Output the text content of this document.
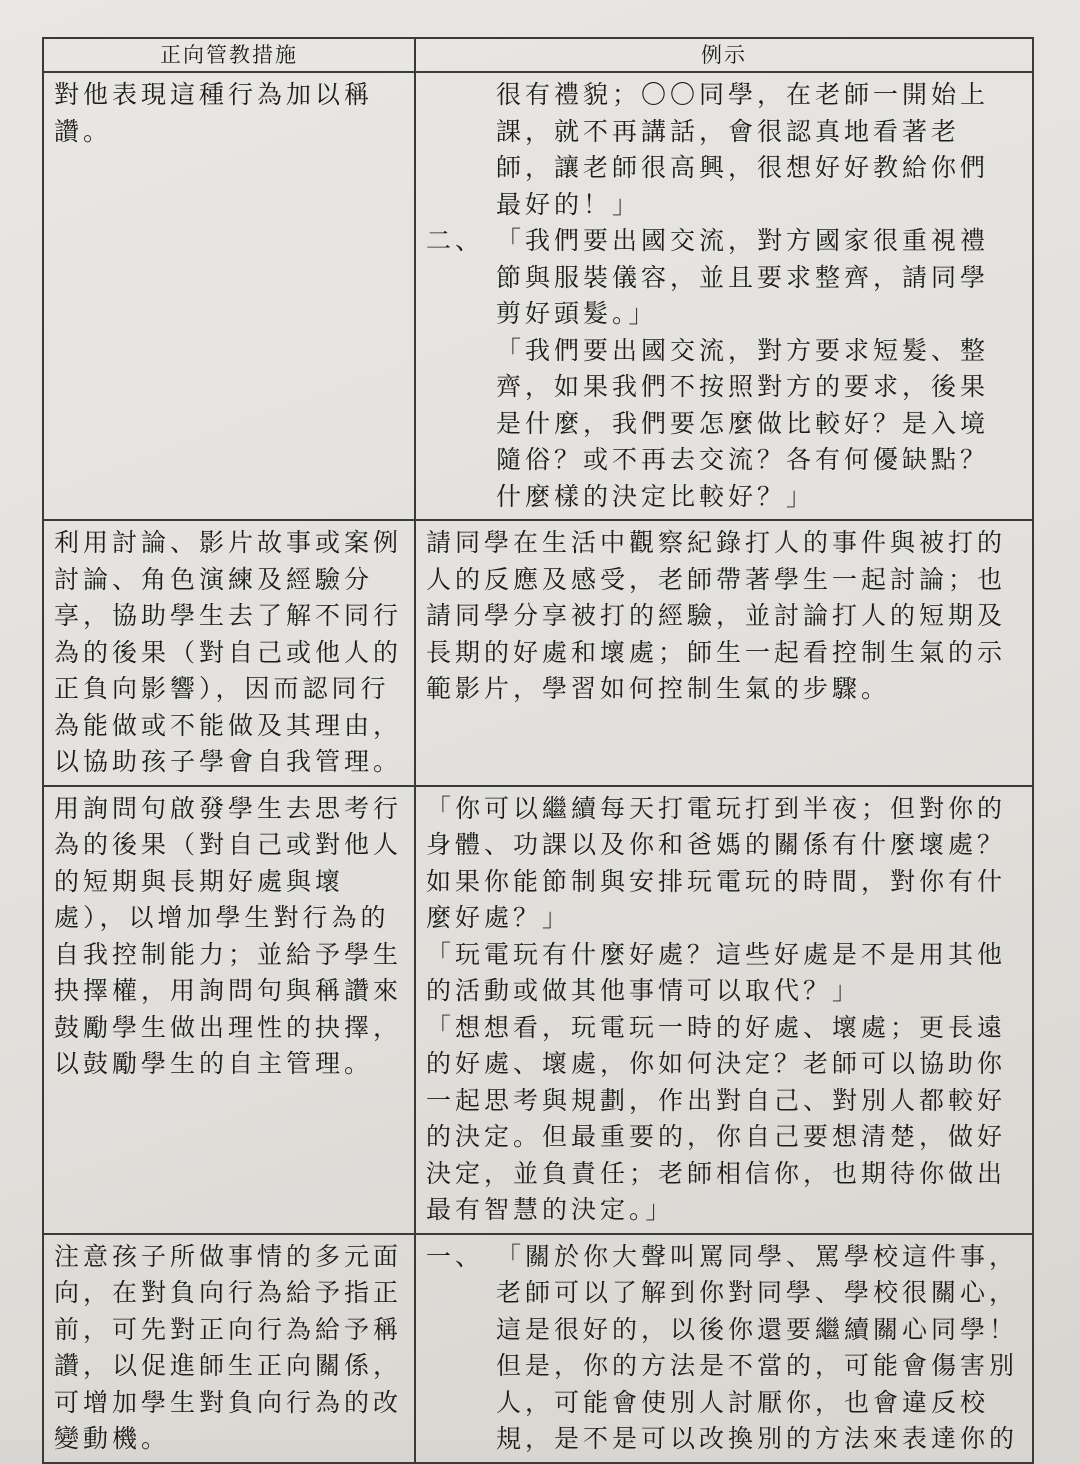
正向管教措施	例示

對他表現這種行為加以稱讚。	很有禮貌；〇〇同學，在老師一開始上課，就不再講話，會很認真地看著老師，讓老師很高興，很想好好教給你們最好的！」

二、 「我們要出國交流，對方國家很重視禮節與服裝儀容，並且要求整齊，請同學剪好頭髮。」

「我們要出國交流，對方要求短髮、整齊，如果我們不按照對方的要求，後果是什麼，我們要怎麼做比較好？是入境隨俗？或不再去交流？各有何優缺點？什麼樣的決定比較好？」

利用討論、影片故事或案例討論、角色演練及經驗分享，協助學生去了解不同行為的後果（對自己或他人的正負向影響），因而認同行為能做或不能做及其理由，以協助孩子學會自我管理。	請同學在生活中觀察紀錄打人的事件與被打的人的反應及感受，老師帶著學生一起討論；也請同學分享被打的經驗，並討論打人的短期及長期的好處和壞處；師生一起看控制生氣的示範影片，學習如何控制生氣的步驟。

用詢問句啟發學生去思考行為的後果（對自己或對他人的短期與長期好處與壞處），以增加學生對行為的自我控制能力；並給予學生抉擇權，用詢問句與稱讚來鼓勵學生做出理性的抉擇，以鼓勵學生的自主管理。	「你可以繼續每天打電玩打到半夜；但對你的身體、功課以及你和爸媽的關係有什麼壞處？如果你能節制與安排玩電玩的時間，對你有什麼好處？」

「玩電玩有什麼好處？這些好處是不是用其他的活動或做其他事情可以取代？」

「想想看，玩電玩一時的好處、壞處；更長遠的好處、壞處，你如何決定？老師可以協助你一起思考與規劃，作出對自己、對別人都較好的決定。但最重要的，你自己要想清楚，做好決定，並負責任；老師相信你，也期待你做出最有智慧的決定。」

注意孩子所做事情的多元面向，在對負向行為給予指正前，可先對正向行為給予稱讚，以促進師生正向關係，可增加學生對負向行為的改變動機。	一、 「關於你大聲叫罵同學、罵學校這件事，老師可以了解到你對同學、學校很關心，這是很好的，以後你還要繼續關心同學！但是，你的方法是不當的，可能會傷害別人，可能會使別人討厭你，也會違反校規，是不是可以改換別的方法來表達你的
